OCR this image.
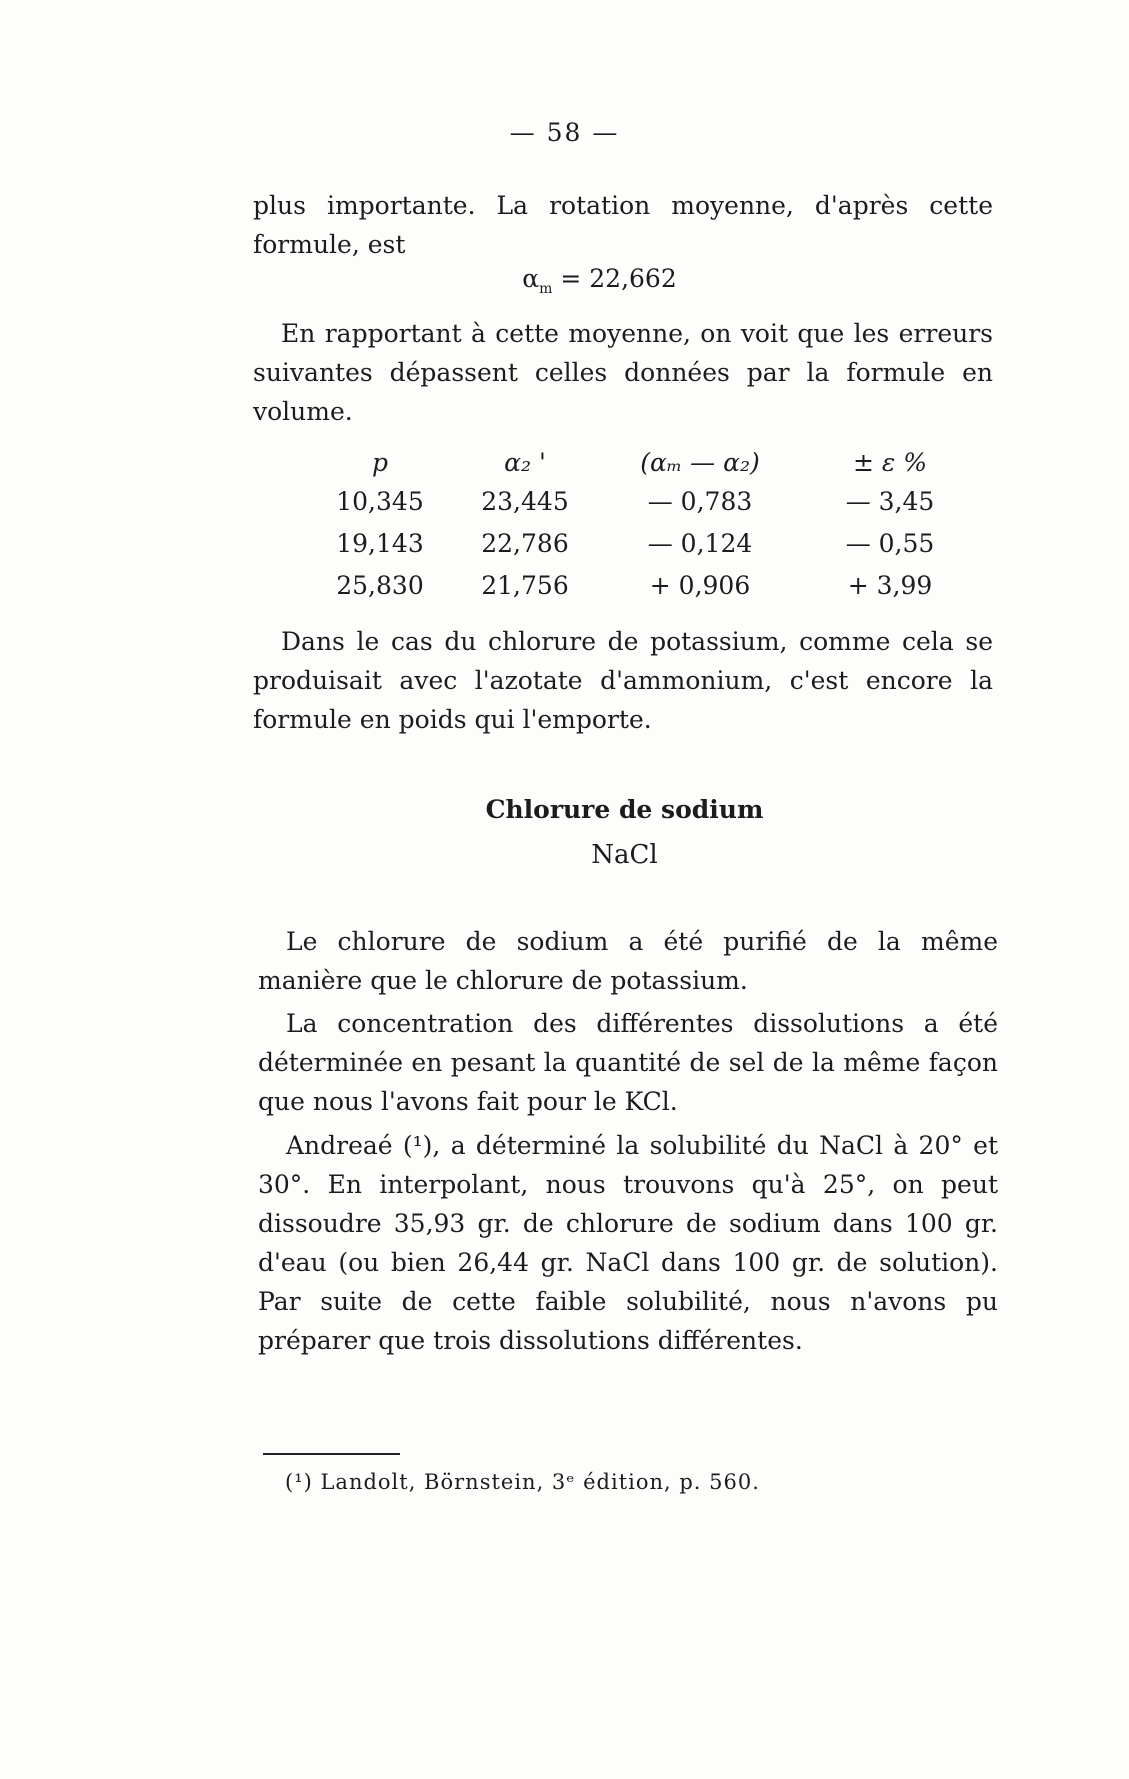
— 58 —
plus importante. La rotation moyenne, d'après cette formule, est
$\alpha_m = 22,662$
En rapportant à cette moyenne, on voit que les erreurs suivantes dépassent celles données par la formule en volume.
p	α₂ '	(αₘ — α₂)	± ε %
10,345	23,445	— 0,783	— 3,45
19,143	22,786	— 0,124	— 0,55
25,830	21,756	+ 0,906	+ 3,99
Dans le cas du chlorure de potassium, comme cela se produisait avec l'azotate d'ammonium, c'est encore la formule en poids qui l'emporte.
Chlorure de sodium
NaCl
Le chlorure de sodium a été purifié de la même manière que le chlorure de potassium.
La concentration des différentes dissolutions a été déterminée en pesant la quantité de sel de la même façon que nous l'avons fait pour le KCl.
Andreaé (¹), a déterminé la solubilité du NaCl à 20° et 30°. En interpolant, nous trouvons qu'à 25°, on peut dissoudre 35,93 gr. de chlorure de sodium dans 100 gr. d'eau (ou bien 26,44 gr. NaCl dans 100 gr. de solution). Par suite de cette faible solubilité, nous n'avons pu préparer que trois dissolutions différentes.
(¹) Landolt, Börnstein, 3ᵉ édition, p. 560.
